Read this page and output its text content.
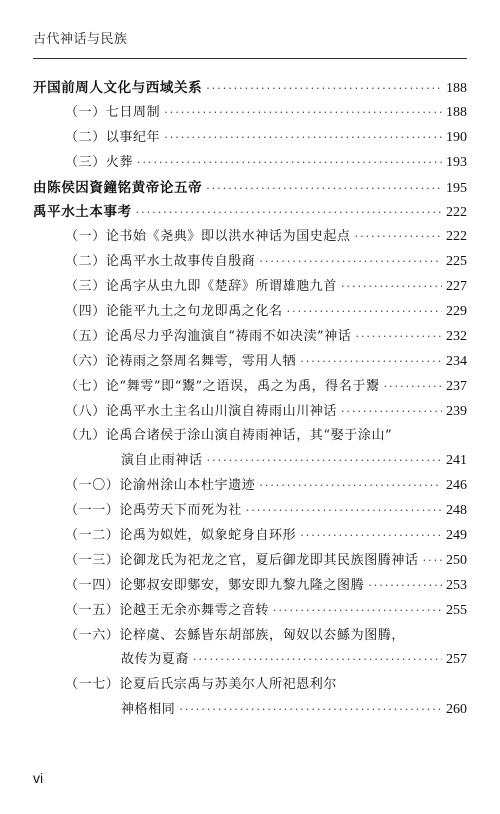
古代神话与民族
开国前周人文化与西域关系 ·····	188
（一）七日周制 ·····	188
（二）以事纪年 ·····	190
（三）火葬 ·····	193
由陈侯因資鐘铭黄帝论五帝 ·····	195
禹平水土本事考 ·····	222
（一）论书始《尧典》即以洪水神话为国史起点 ·····	222
（二）论禹平水土故事传自殷商 ·····	225
（三）论禹字从虫九即《楚辞》所谓雄虺九首 ·····	227
（四）论能平九土之句龙即禹之化名 ·····	229
（五）论禹尽力乎沟洫演自“祷雨不如决渎”神话 ·····	232
（六）论祷雨之祭周名舞雩，雩用人牺 ·····	234
（七）论“舞雩”即“鬻”之语误，禹之为禹，得名于鬻 ·····	237
（八）论禹平水土主名山川演自祷雨山川神话 ·····	239
（九）论禹合诸侯于涂山演自祷雨神话，其“娶于涂山”
演自止雨神话 ·····	241
（一〇）论渝州涂山本杜宇遗迹 ·····	246
（一一）论禹劳天下而死为社 ·····	248
（一二）论禹为姒姓，姒象蛇身自环形 ·····	249
（一三）论御龙氏为祀龙之官，夏后御龙即其民族图腾神话 ····· 250
（一四）论鄋叔安即鄋安，鄋安即九黎九隆之图腾 ·····	253
（一五）论越王无余亦舞雩之音转 ·····	255
（一六）论梓虞、厺鯀皆东胡部族，匈奴以厺鯀为图腾，
故传为夏裔 ·····	257
（一七）论夏后氏宗禹与苏美尔人所祀恩利尔
神格相同 ·····	260
vi
